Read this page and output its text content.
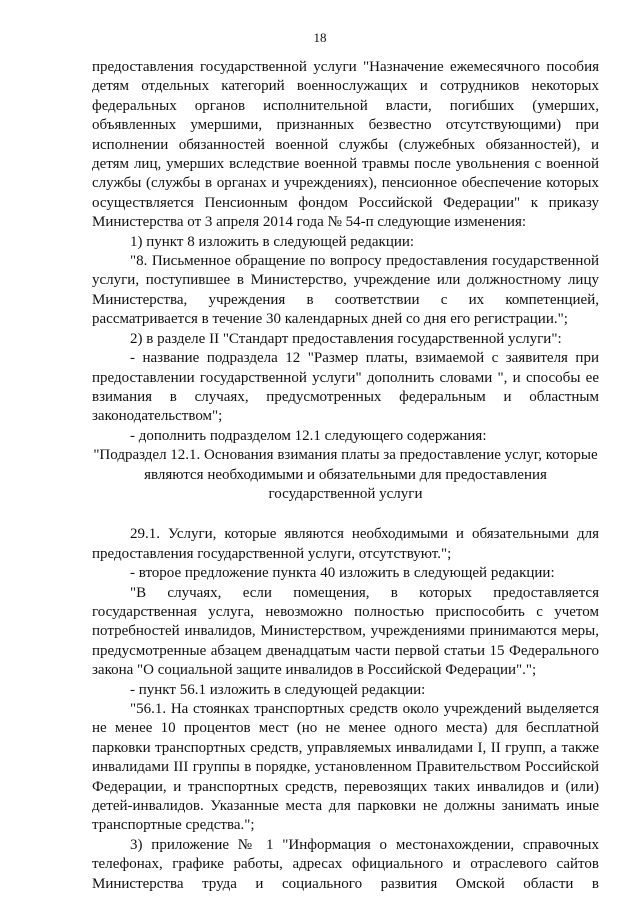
18

предоставления государственной услуги "Назначение ежемесячного пособия детям отдельных категорий военнослужащих и сотрудников некоторых федеральных органов исполнительной власти, погибших (умерших, объявленных умершими, признанных безвестно отсутствующими) при исполнении обязанностей военной службы (служебных обязанностей), и детям лиц, умерших вследствие военной травмы после увольнения с военной службы (службы в органах и учреждениях), пенсионное обеспечение которых осуществляется Пенсионным фондом Российской Федерации" к приказу Министерства от 3 апреля 2014 года № 54-п следующие изменения:

1) пункт 8 изложить в следующей редакции:

"8. Письменное обращение по вопросу предоставления государственной услуги, поступившее в Министерство, учреждение или должностному лицу Министерства, учреждения в соответствии с их компетенцией, рассматривается в течение 30 календарных дней со дня его регистрации.";

2) в разделе II "Стандарт предоставления государственной услуги":

- название подраздела 12 "Размер платы, взимаемой с заявителя при предоставлении государственной услуги" дополнить словами ", и способы ее взимания в случаях, предусмотренных федеральным и областным законодательством";

- дополнить подразделом 12.1 следующего содержания:

"Подраздел 12.1. Основания взимания платы за предоставление услуг, которые являются необходимыми и обязательными для предоставления государственной услуги

29.1. Услуги, которые являются необходимыми и обязательными для предоставления государственной услуги, отсутствуют.";

- второе предложение пункта 40 изложить в следующей редакции:

"В случаях, если помещения, в которых предоставляется государственная услуга, невозможно полностью приспособить с учетом потребностей инвалидов, Министерством, учреждениями принимаются меры, предусмотренные абзацем двенадцатым части первой статьи 15 Федерального закона "О социальной защите инвалидов в Российской Федерации".";

- пункт 56.1 изложить в следующей редакции:

"56.1. На стоянках транспортных средств около учреждений выделяется не менее 10 процентов мест (но не менее одного места) для бесплатной парковки транспортных средств, управляемых инвалидами I, II групп, а также инвалидами III группы в порядке, установленном Правительством Российской Федерации, и транспортных средств, перевозящих таких инвалидов и (или) детей-инвалидов. Указанные места для парковки не должны занимать иные транспортные средства.";

3) приложение № 1 "Информация о местонахождении, справочных телефонах, графике работы, адресах официального и отраслевого сайтов Министерства труда и социального развития Омской области в
